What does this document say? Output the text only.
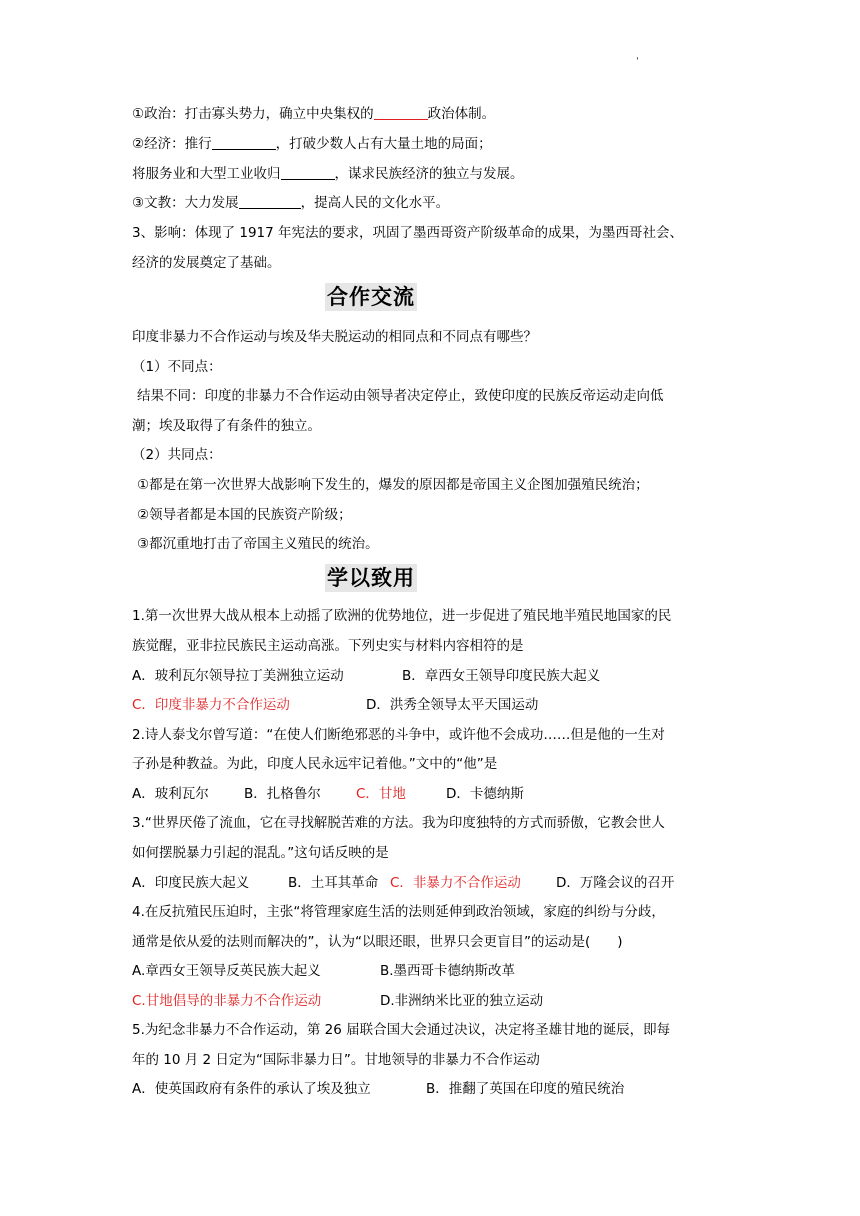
'
①政治：打击寡头势力，确立中央集权的	政治体制。
②经济：推行	，打破少数人占有大量土地的局面；
将服务业和大型工业收归	，谋求民族经济的独立与发展。
③文教：大力发展	，提高人民的文化水平。
3、影响：体现了 1917 年宪法的要求，巩固了墨西哥资产阶级革命的成果，为墨西哥社会、
经济的发展奠定了基础。
合作交流
印度非暴力不合作运动与埃及华夫脱运动的相同点和不同点有哪些？
（1）不同点：
结果不同：印度的非暴力不合作运动由领导者决定停止，致使印度的民族反帝运动走向低
潮；埃及取得了有条件的独立。
（2）共同点：
①都是在第一次世界大战影响下发生的，爆发的原因都是帝国主义企图加强殖民统治；
②领导者都是本国的民族资产阶级；
③都沉重地打击了帝国主义殖民的统治。
学以致用
1.第一次世界大战从根本上动摇了欧洲的优势地位，进一步促进了殖民地半殖民地国家的民
族觉醒，亚非拉民族民主运动高涨。下列史实与材料内容相符的是
A．玻利瓦尔领导拉丁美洲独立运动	B．章西女王领导印度民族大起义
C．印度非暴力不合作运动	D．洪秀全领导太平天国运动
2.诗人泰戈尔曾写道：“在使人们断绝邪恶的斗争中，或许他不会成功……但是他的一生对
子孙是种教益。为此，印度人民永远牢记着他。”文中的“他”是
A．玻利瓦尔	B．扎格鲁尔	C．甘地	D．卡德纳斯
3.“世界厌倦了流血，它在寻找解脱苦难的方法。我为印度独特的方式而骄傲，它教会世人
如何摆脱暴力引起的混乱。”这句话反映的是
A．印度民族大起义	B．土耳其革命 C．非暴力不合作运动	D．万隆会议的召开
4.在反抗殖民压迫时，主张“将管理家庭生活的法则延伸到政治领域，家庭的纠纷与分歧，
通常是依从爱的法则而解决的”，认为“以眼还眼，世界只会更盲目”的运动是(　　)
A.章西女王领导反英民族大起义	B.墨西哥卡德纳斯改革
C.甘地倡导的非暴力不合作运动	D.非洲纳米比亚的独立运动
5.为纪念非暴力不合作运动，第 26 届联合国大会通过决议，决定将圣雄甘地的诞辰，即每
年的 10 月 2 日定为“国际非暴力日”。甘地领导的非暴力不合作运动
A．使英国政府有条件的承认了埃及独立	B．推翻了英国在印度的殖民统治
